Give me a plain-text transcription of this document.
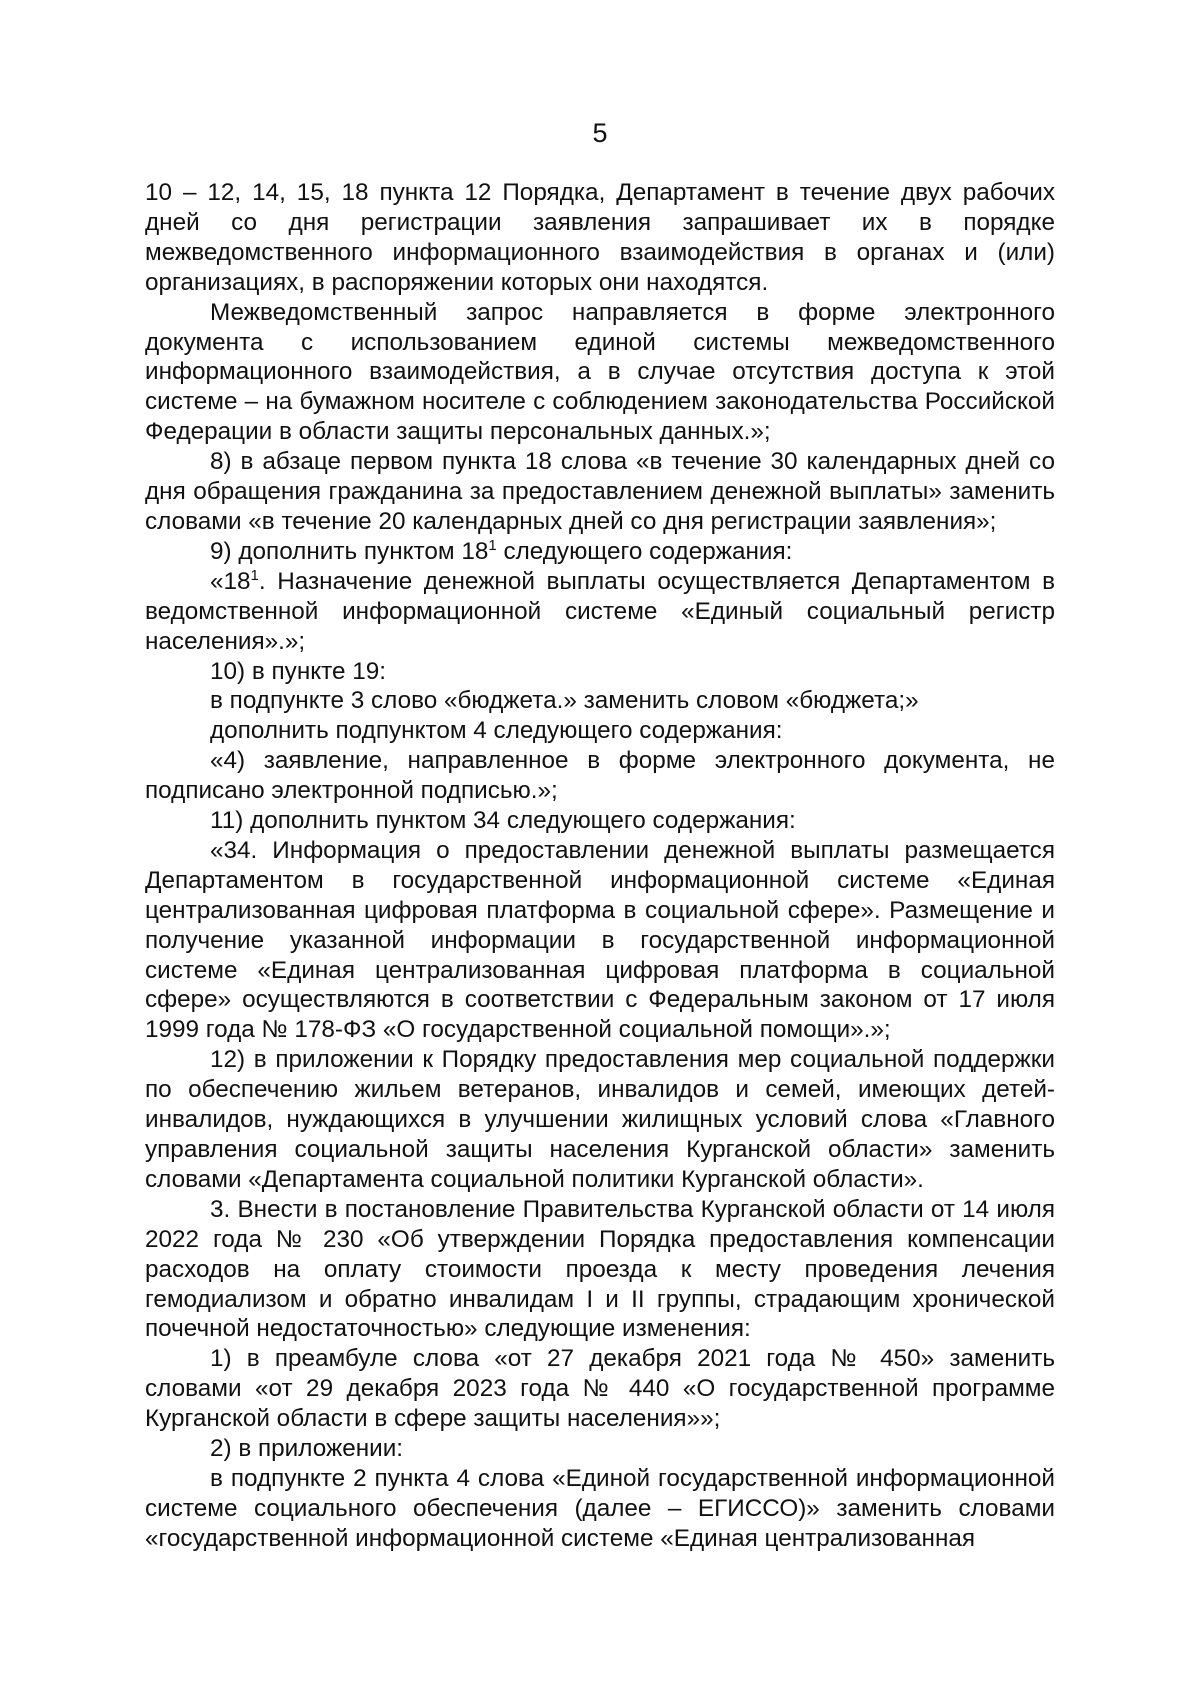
5

10 – 12, 14, 15, 18 пункта 12 Порядка, Департамент в течение двух рабочих дней со дня регистрации заявления запрашивает их в порядке межведомственного информационного взаимодействия в органах и (или) организациях, в распоряжении которых они находятся.

Межведомственный запрос направляется в форме электронного документа с использованием единой системы межведомственного информационного взаимодействия, а в случае отсутствия доступа к этой системе – на бумажном носителе с соблюдением законодательства Российской Федерации в области защиты персональных данных.»;

8) в абзаце первом пункта 18 слова «в течение 30 календарных дней со дня обращения гражданина за предоставлением денежной выплаты» заменить словами «в течение 20 календарных дней со дня регистрации заявления»;

9) дополнить пунктом $18^1$ следующего содержания:

«$18^1$. Назначение денежной выплаты осуществляется Департаментом в ведомственной информационной системе «Единый социальный регистр населения».»;

10) в пункте 19:

в подпункте 3 слово «бюджета.» заменить словом «бюджета;»

дополнить подпунктом 4 следующего содержания:

«4) заявление, направленное в форме электронного документа, не подписано электронной подписью.»;

11) дополнить пунктом 34 следующего содержания:

«34. Информация о предоставлении денежной выплаты размещается Департаментом в государственной информационной системе «Единая централизованная цифровая платформа в социальной сфере». Размещение и получение указанной информации в государственной информационной системе «Единая централизованная цифровая платформа в социальной сфере» осуществляются в соответствии с Федеральным законом от 17 июля 1999 года № 178-ФЗ «О государственной социальной помощи».»;

12) в приложении к Порядку предоставления мер социальной поддержки по обеспечению жильем ветеранов, инвалидов и семей, имеющих детей-инвалидов, нуждающихся в улучшении жилищных условий слова «Главного управления социальной защиты населения Курганской области» заменить словами «Департамента социальной политики Курганской области».

3. Внести в постановление Правительства Курганской области от 14 июля 2022 года № 230 «Об утверждении Порядка предоставления компенсации расходов на оплату стоимости проезда к месту проведения лечения гемодиализом и обратно инвалидам I и II группы, страдающим хронической почечной недостаточностью» следующие изменения:

1) в преамбуле слова «от 27 декабря 2021 года № 450» заменить словами «от 29 декабря 2023 года № 440 «О государственной программе Курганской области в сфере защиты населения»»;

2) в приложении:

в подпункте 2 пункта 4 слова «Единой государственной информационной системе социального обеспечения (далее – ЕГИССО)» заменить словами «государственной информационной системе «Единая централизованная
